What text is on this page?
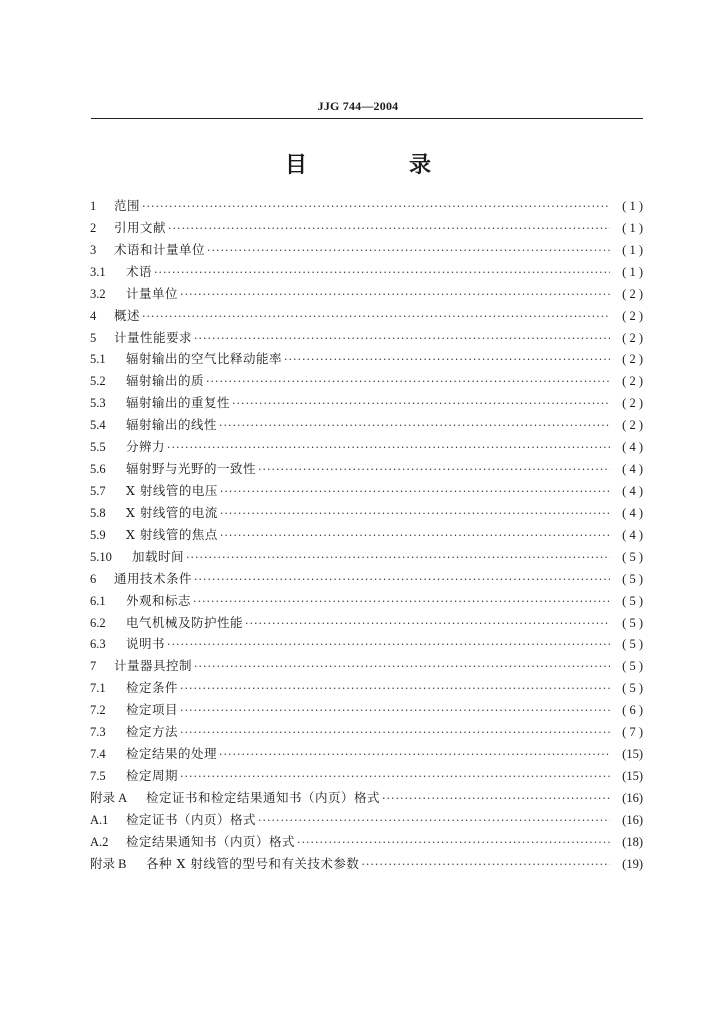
JJG 744—2004
目　录
1	范围 ·····	( 1 )
2	引用文献 ·····	( 1 )
3	术语和计量单位 ·····	( 1 )
3.1	术语 ·····	( 1 )
3.2	计量单位 ·····	( 2 )
4	概述 ·····	( 2 )
5	计量性能要求 ·····	( 2 )
5.1	辐射输出的空气比释动能率 ·····	( 2 )
5.2	辐射输出的质 ·····	( 2 )
5.3	辐射输出的重复性 ·····	( 2 )
5.4	辐射输出的线性 ·····	( 2 )
5.5	分辨力 ·····	( 4 )
5.6	辐射野与光野的一致性 ·····	( 4 )
5.7	X 射线管的电压 ·····	( 4 )
5.8	X 射线管的电流 ·····	( 4 )
5.9	X 射线管的焦点 ·····	( 4 )
5.10	加载时间 ·····	( 5 )
6	通用技术条件 ·····	( 5 )
6.1	外观和标志 ·····	( 5 )
6.2	电气机械及防护性能 ·····	( 5 )
6.3	说明书 ·····	( 5 )
7	计量器具控制 ·····	( 5 )
7.1	检定条件 ·····	( 5 )
7.2	检定项目 ·····	( 6 )
7.3	检定方法 ·····	( 7 )
7.4	检定结果的处理 ·····	(15)
7.5	检定周期 ·····	(15)
附录 A	检定证书和检定结果通知书（内页）格式 ·····	(16)
A.1	检定证书（内页）格式 ·····	(16)
A.2	检定结果通知书（内页）格式 ·····	(18)
附录 B	各种 X 射线管的型号和有关技术参数 ·····	(19)
